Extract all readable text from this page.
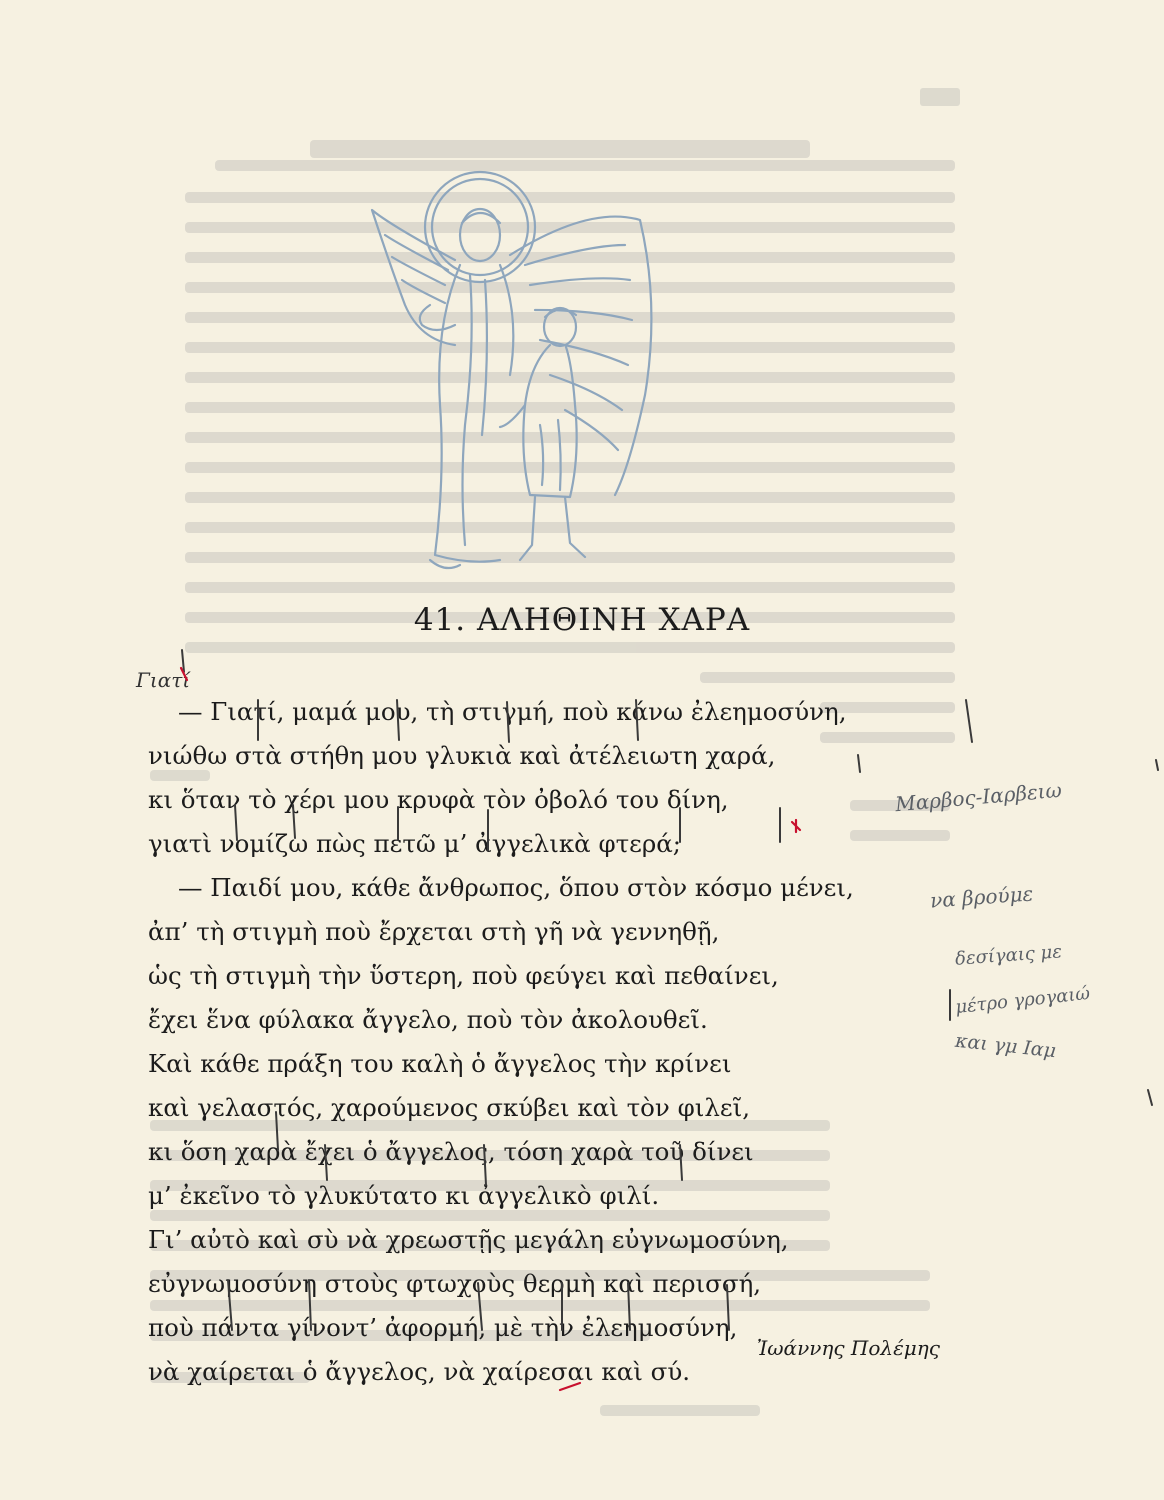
41. ΑΛΗΘΙΝΗ ΧΑΡΑ
— Γιατί, μαμά μου, τὴ στιγμή, ποὺ κάνω ἐλεημοσύνη,
νιώθω στὰ στήθη μου γλυκιὰ καὶ ἀτέλειωτη χαρά,
κι ὅταν τὸ χέρι μου κρυφὰ τὸν ὀβολό του δίνη,
γιατὶ νομίζω πὼς πετῶ μ’ ἀγγελικὰ φτερά;
— Παιδί μου, κάθε ἄνθρωπος, ὅπου στὸν κόσμο μένει,
ἀπ’ τὴ στιγμὴ ποὺ ἔρχεται στὴ γῆ νὰ γεννηθῇ,
ὡς τὴ στιγμὴ τὴν ὕστερη, ποὺ φεύγει καὶ πεθαίνει,
ἔχει ἕνα φύλακα ἄγγελο, ποὺ τὸν ἀκολουθεῖ.
Καὶ κάθε πράξη του καλὴ ὁ ἄγγελος τὴν κρίνει
καὶ γελαστός, χαρούμενος σκύβει καὶ τὸν φιλεῖ,
κι ὅση χαρὰ ἔχει ὁ ἄγγελος, τόση χαρὰ τοῦ δίνει
μ’ ἐκεῖνο τὸ γλυκύτατο κι ἀγγελικὸ φιλί.
Γι’ αὐτὸ καὶ σὺ νὰ χρεωστῇς μεγάλη εὐγνωμοσύνη,
εὐγνωμοσύνη στοὺς φτωχοὺς θερμὴ καὶ περισσή,
ποὺ πάντα γίνοντ’ ἀφορμή, μὲ τὴν ἐλεημοσύνη,
νὰ χαίρεται ὁ ἄγγελος, νὰ χαίρεσαι καὶ σύ.
Ἰωάννης Πολέμης
Γιατί
Μαρβος-Ιαρβειω
να βρούμε
δεσίγαις με
μέτρο γρογαιώ
και γμ Ιαμ
